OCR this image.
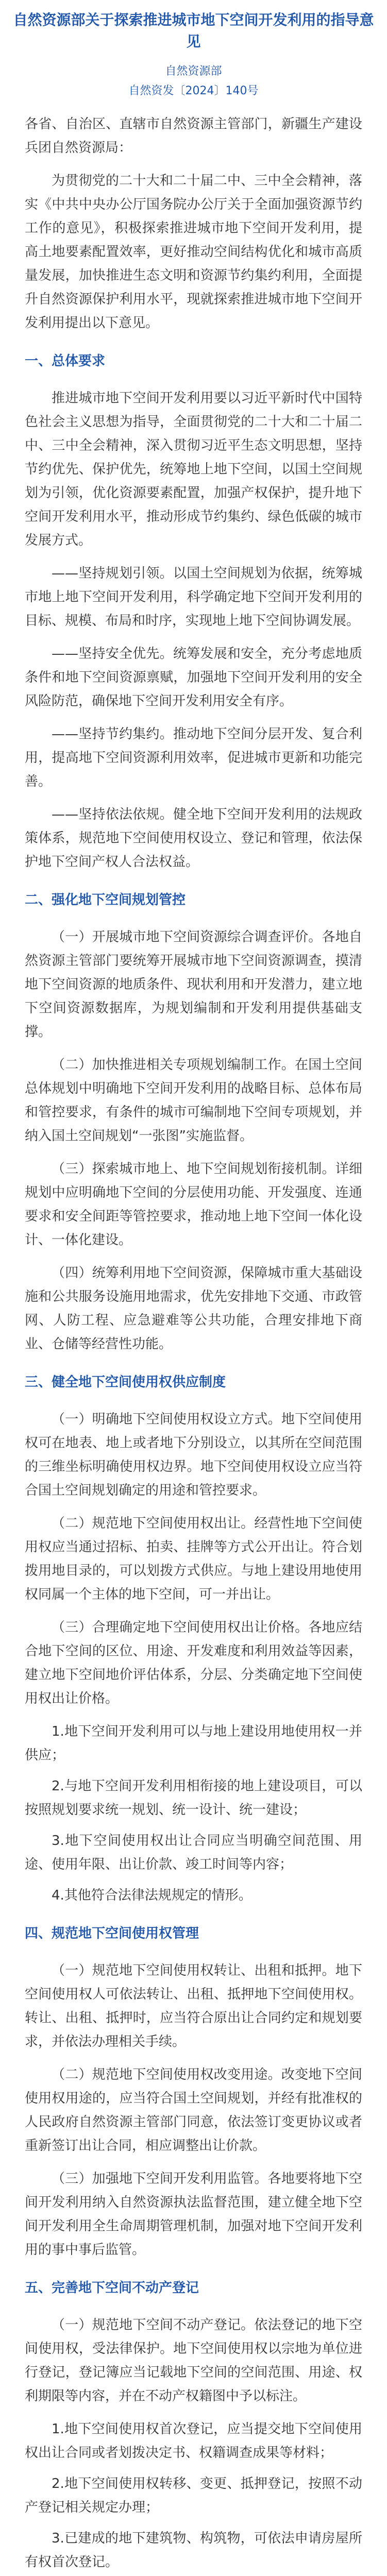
自然资源部关于探索推进城市地下空间开发利用的指导意见

自然资源部

自然资发〔2024〕140号

各省、自治区、直辖市自然资源主管部门，新疆生产建设兵团自然资源局：

为贯彻党的二十大和二十届二中、三中全会精神，落实《中共中央办公厅国务院办公厅关于全面加强资源节约工作的意见》，积极探索推进城市地下空间开发利用，提高土地要素配置效率，更好推动空间结构优化和城市高质量发展，加快推进生态文明和资源节约集约利用，全面提升自然资源保护利用水平，现就探索推进城市地下空间开发利用提出以下意见。

一、总体要求

推进城市地下空间开发利用要以习近平新时代中国特色社会主义思想为指导，全面贯彻党的二十大和二十届二中、三中全会精神，深入贯彻习近平生态文明思想，坚持节约优先、保护优先，统筹地上地下空间，以国土空间规划为引领，优化资源要素配置，加强产权保护，提升地下空间开发利用水平，推动形成节约集约、绿色低碳的城市发展方式。

——坚持规划引领。以国土空间规划为依据，统筹城市地上地下空间开发利用，科学确定地下空间开发利用的目标、规模、布局和时序，实现地上地下空间协调发展。

——坚持安全优先。统筹发展和安全，充分考虑地质条件和地下空间资源禀赋，加强地下空间开发利用的安全风险防范，确保地下空间开发利用安全有序。

——坚持节约集约。推动地下空间分层开发、复合利用，提高地下空间资源利用效率，促进城市更新和功能完善。

——坚持依法依规。健全地下空间开发利用的法规政策体系，规范地下空间使用权设立、登记和管理，依法保护地下空间产权人合法权益。

二、强化地下空间规划管控

（一）开展城市地下空间资源综合调查评价。各地自然资源主管部门要统筹开展城市地下空间资源调查，摸清地下空间资源的地质条件、现状利用和开发潜力，建立地下空间资源数据库，为规划编制和开发利用提供基础支撑。

（二）加快推进相关专项规划编制工作。在国土空间总体规划中明确地下空间开发利用的战略目标、总体布局和管控要求，有条件的城市可编制地下空间专项规划，并纳入国土空间规划“一张图”实施监督。

（三）探索城市地上、地下空间规划衔接机制。详细规划中应明确地下空间的分层使用功能、开发强度、连通要求和安全间距等管控要求，推动地上地下空间一体化设计、一体化建设。

（四）统筹利用地下空间资源，保障城市重大基础设施和公共服务设施用地需求，优先安排地下交通、市政管网、人防工程、应急避难等公共功能，合理安排地下商业、仓储等经营性功能。

三、健全地下空间使用权供应制度

（一）明确地下空间使用权设立方式。地下空间使用权可在地表、地上或者地下分别设立，以其所在空间范围的三维坐标明确使用权边界。地下空间使用权设立应当符合国土空间规划确定的用途和管控要求。

（二）规范地下空间使用权出让。经营性地下空间使用权应当通过招标、拍卖、挂牌等方式公开出让。符合划拨用地目录的，可以划拨方式供应。与地上建设用地使用权同属一个主体的地下空间，可一并出让。

（三）合理确定地下空间使用权出让价格。各地应结合地下空间的区位、用途、开发难度和利用效益等因素，建立地下空间地价评估体系，分层、分类确定地下空间使用权出让价格。

1.地下空间开发利用可以与地上建设用地使用权一并供应；

2.与地下空间开发利用相衔接的地上建设项目，可以按照规划要求统一规划、统一设计、统一建设；

3.地下空间使用权出让合同应当明确空间范围、用途、使用年限、出让价款、竣工时间等内容；

4.其他符合法律法规规定的情形。

四、规范地下空间使用权管理

（一）规范地下空间使用权转让、出租和抵押。地下空间使用权人可依法转让、出租、抵押地下空间使用权。转让、出租、抵押时，应当符合原出让合同约定和规划要求，并依法办理相关手续。

（二）规范地下空间使用权改变用途。改变地下空间使用权用途的，应当符合国土空间规划，并经有批准权的人民政府自然资源主管部门同意，依法签订变更协议或者重新签订出让合同，相应调整出让价款。

（三）加强地下空间开发利用监管。各地要将地下空间开发利用纳入自然资源执法监督范围，建立健全地下空间开发利用全生命周期管理机制，加强对地下空间开发利用的事中事后监管。

五、完善地下空间不动产登记

（一）规范地下空间不动产登记。依法登记的地下空间使用权，受法律保护。地下空间使用权以宗地为单位进行登记，登记簿应当记载地下空间的空间范围、用途、权利期限等内容，并在不动产权籍图中予以标注。

1.地下空间使用权首次登记，应当提交地下空间使用权出让合同或者划拨决定书、权籍调查成果等材料；

2.地下空间使用权转移、变更、抵押登记，按照不动产登记相关规定办理；

3.已建成的地下建筑物、构筑物，可依法申请房屋所有权首次登记。
